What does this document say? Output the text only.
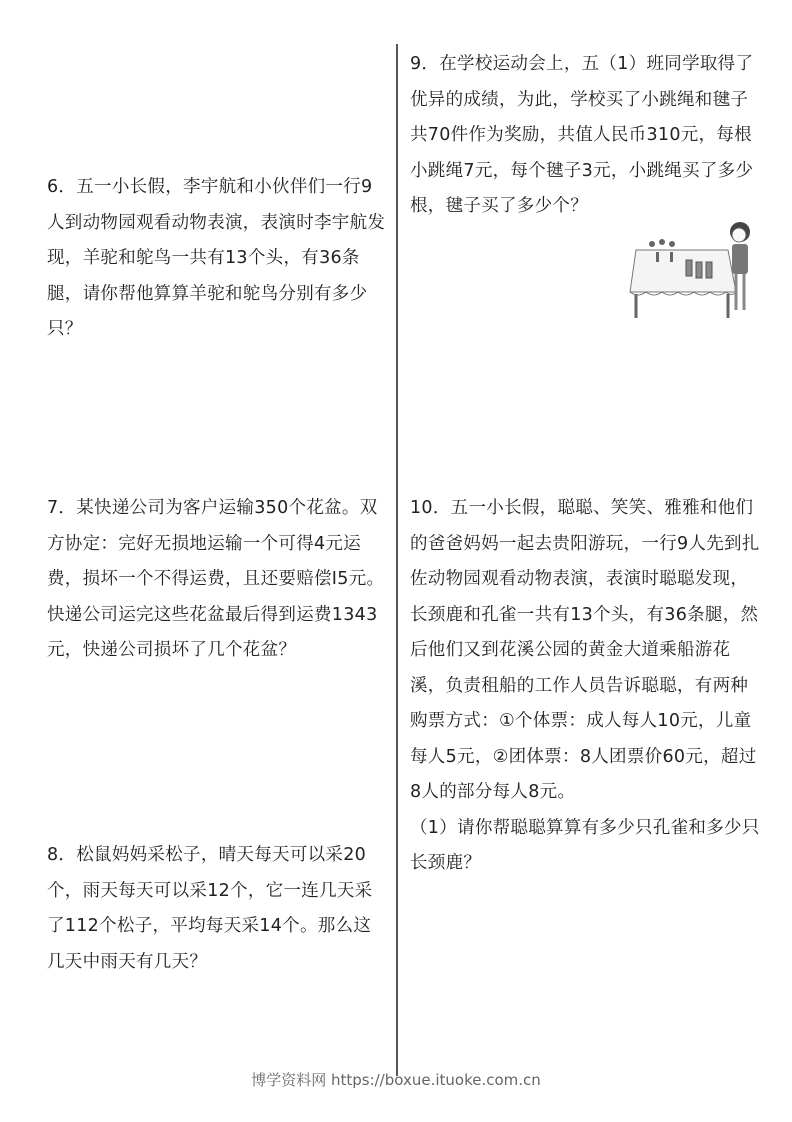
6．五一小长假，李宇航和小伙伴们一行9人到动物园观看动物表演，表演时李宇航发现，羊驼和鸵鸟一共有13个头，有36条腿，请你帮他算算羊驼和鸵鸟分别有多少只？

7．某快递公司为客户运输350个花盆。双方协定：完好无损地运输一个可得4元运费，损坏一个不得运费，且还要赔偿I5元。快递公司运完这些花盆最后得到运费1343元，快递公司损坏了几个花盆？

8．松鼠妈妈采松子，晴天每天可以采20个，雨天每天可以采12个，它一连几天采了112个松子，平均每天采14个。那么这几天中雨天有几天？

9．在学校运动会上，五（1）班同学取得了优异的成绩，为此，学校买了小跳绳和毽子共70件作为奖励，共值人民币310元，每根小跳绳7元，每个毽子3元，小跳绳买了多少根，毽子买了多少个？

10．五一小长假，聪聪、笑笑、雅雅和他们的爸爸妈妈一起去贵阳游玩，一行9人先到扎佐动物园观看动物表演，表演时聪聪发现，长颈鹿和孔雀一共有13个头，有36条腿，然后他们又到花溪公园的黄金大道乘船游花溪，负责租船的工作人员告诉聪聪，有两种购票方式：①个体票：成人每人10元，儿童每人5元，②团体票：8人团票价60元，超过8人的部分每人8元。

（1）请你帮聪聪算算有多少只孔雀和多少只长颈鹿？

博学资料网 https://boxue.ituoke.com.cn
